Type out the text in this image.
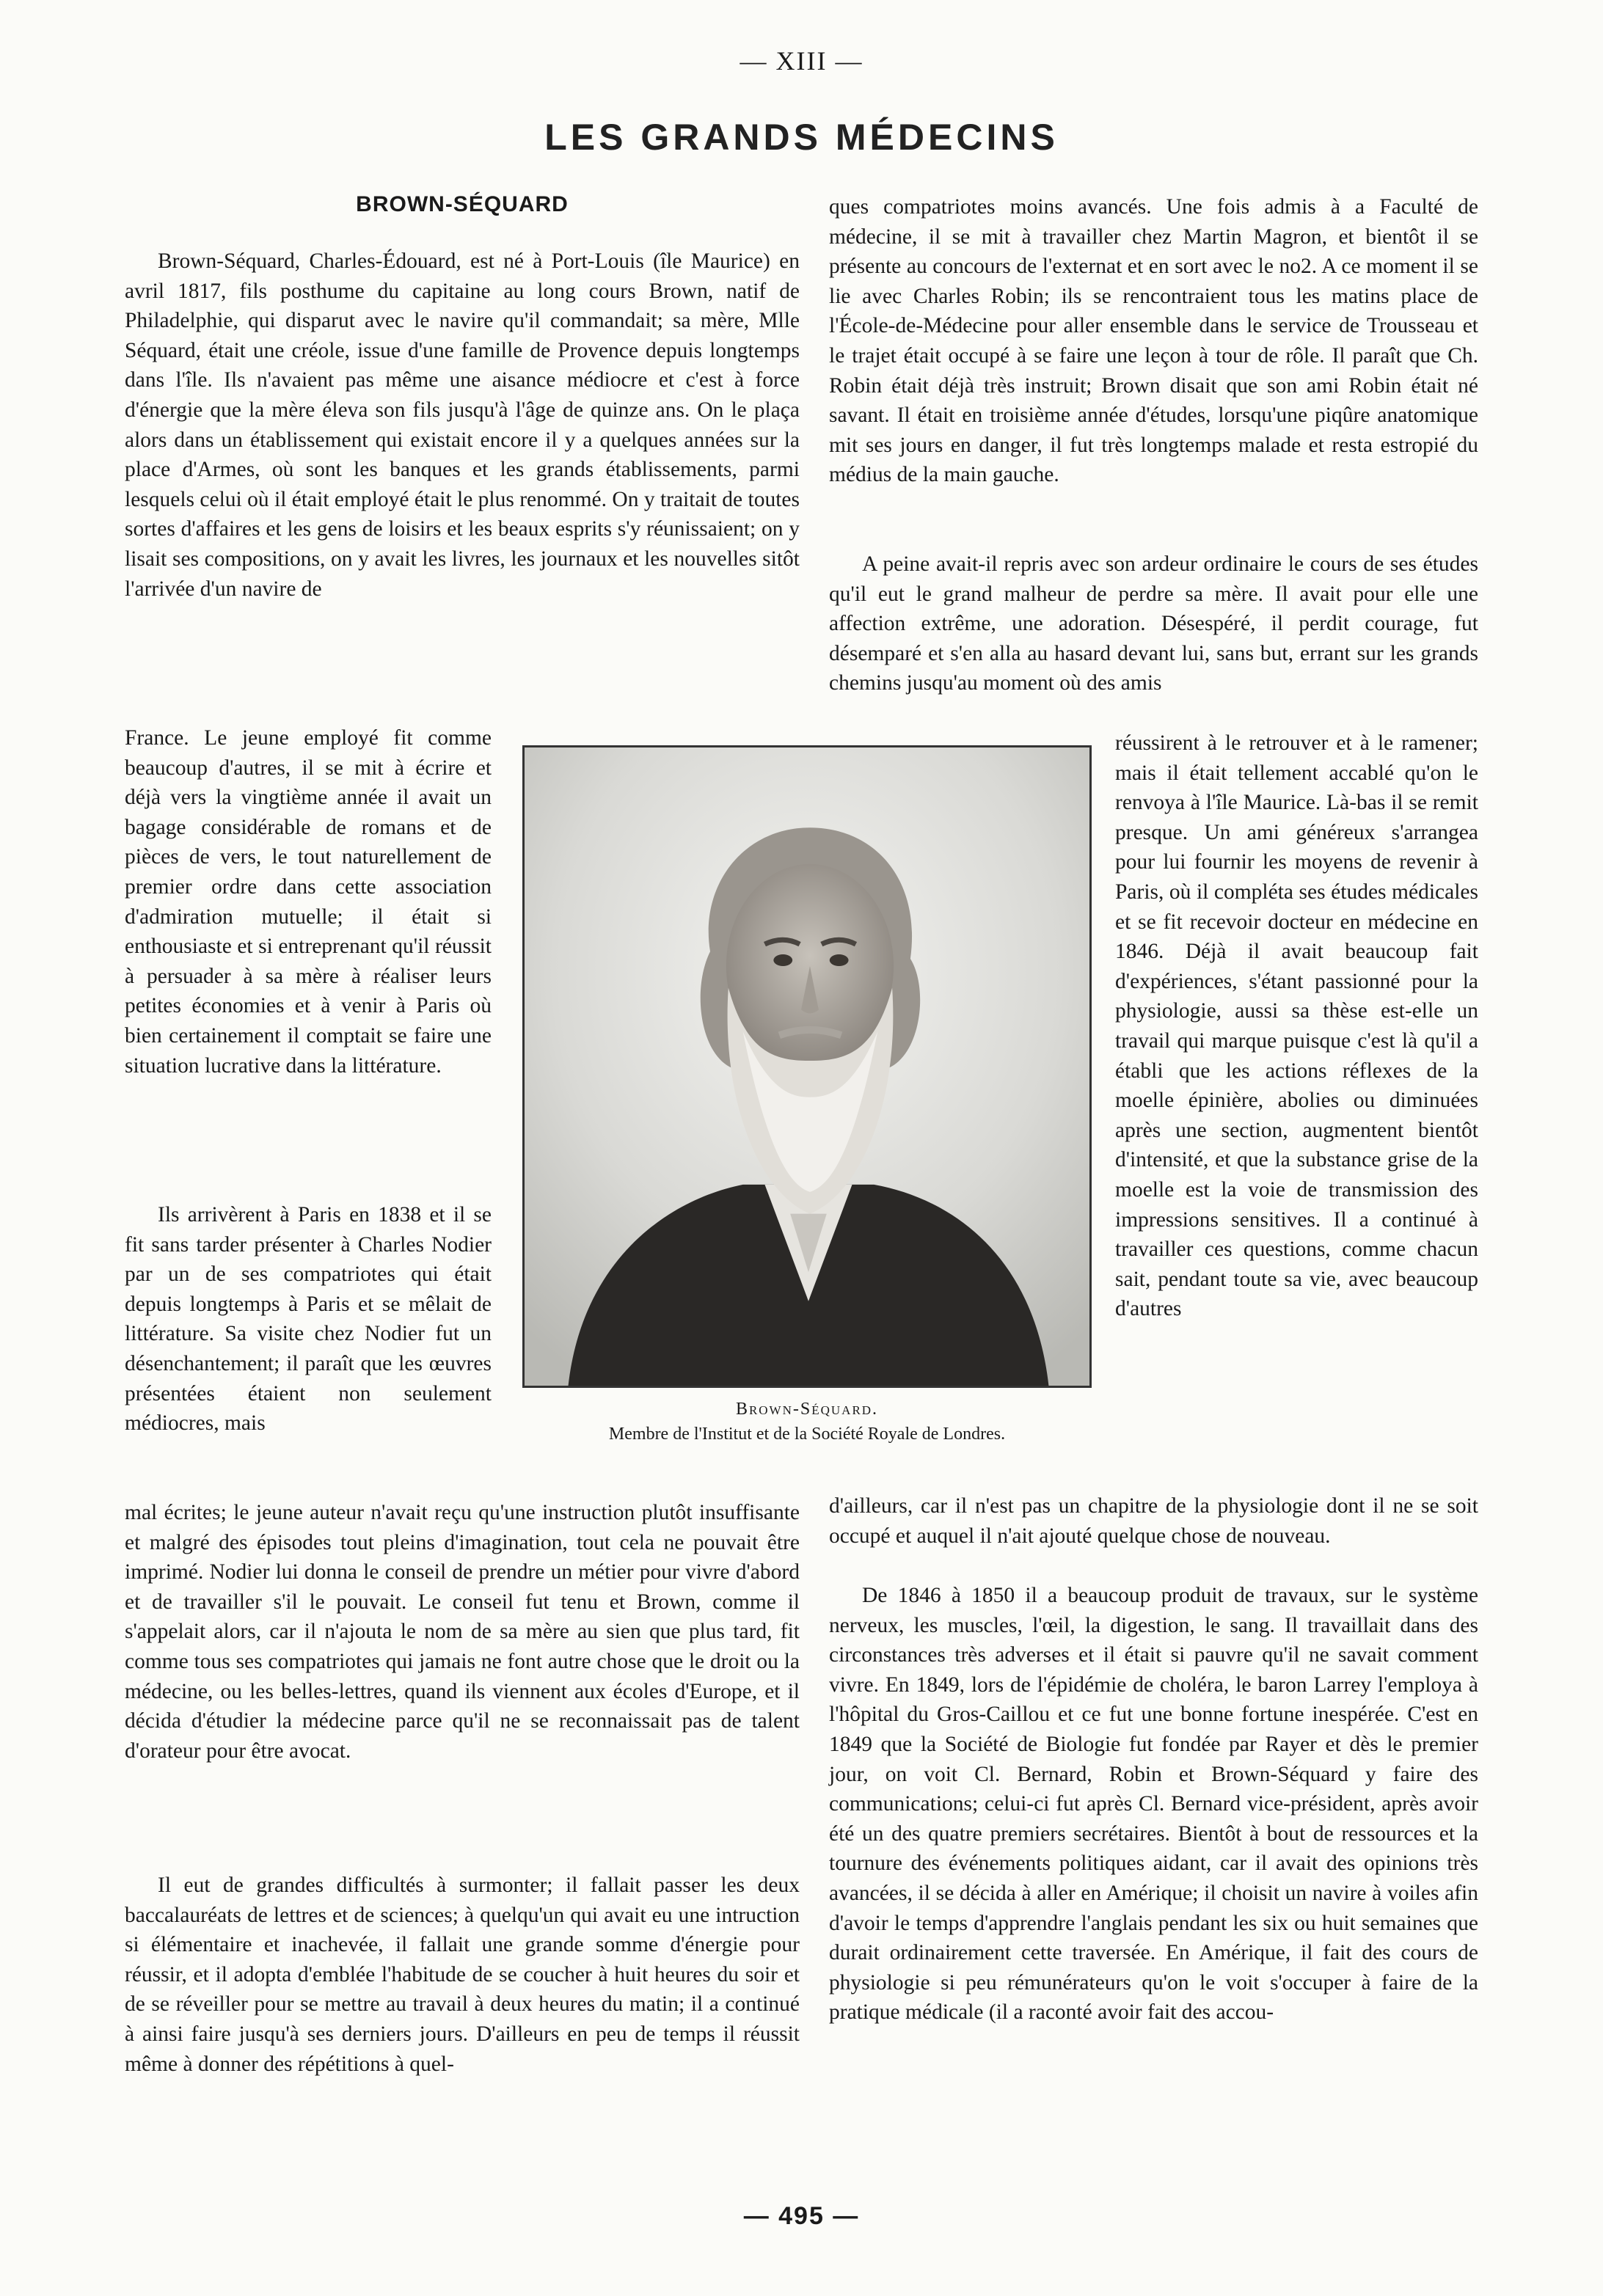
— XIII —
LES GRANDS MÉDECINS
BROWN-SÉQUARD

Brown-Séquard, Charles-Édouard, est né à Port-Louis (île Maurice) en avril 1817, fils posthume du capitaine au long cours Brown, natif de Philadelphie, qui disparut avec le navire qu'il commandait; sa mère, Mlle Séquard, était une créole, issue d'une famille de Provence depuis longtemps dans l'île. Ils n'avaient pas même une aisance médiocre et c'est à force d'énergie que la mère éleva son fils jusqu'à l'âge de quinze ans. On le plaça alors dans un établissement qui existait encore il y a quelques années sur la place d'Armes, où sont les banques et les grands établissements, parmi lesquels celui où il était employé était le plus renommé. On y traitait de toutes sortes d'affaires et les gens de loisirs et les beaux esprits s'y réunissaient; on y lisait ses compositions, on y avait les livres, les journaux et les nouvelles sitôt l'arrivée d'un navire de

France. Le jeune employé fit comme beaucoup d'autres, il se mit à écrire et déjà vers la vingtième année il avait un bagage considérable de romans et de pièces de vers, le tout naturellement de premier ordre dans cette association d'admiration mutuelle; il était si enthousiaste et si entreprenant qu'il réussit à persuader à sa mère à réaliser leurs petites économies et à venir à Paris où bien certainement il comptait se faire une situation lucrative dans la littérature.

Ils arrivèrent à Paris en 1838 et il se fit sans tarder présenter à Charles Nodier par un de ses compatriotes qui était depuis longtemps à Paris et se mêlait de littérature. Sa visite chez Nodier fut un désenchantement; il paraît que les œuvres présentées étaient non seulement médiocres, mais

mal écrites; le jeune auteur n'avait reçu qu'une instruction plutôt insuffisante et malgré des épisodes tout pleins d'imagination, tout cela ne pouvait être imprimé. Nodier lui donna le conseil de prendre un métier pour vivre d'abord et de travailler s'il le pouvait. Le conseil fut tenu et Brown, comme il s'appelait alors, car il n'ajouta le nom de sa mère au sien que plus tard, fit comme tous ses compatriotes qui jamais ne font autre chose que le droit ou la médecine, ou les belles-lettres, quand ils viennent aux écoles d'Europe, et il décida d'étudier la médecine parce qu'il ne se reconnaissait pas de talent d'orateur pour être avocat.

Il eut de grandes difficultés à surmonter; il fallait passer les deux baccalauréats de lettres et de sciences; à quelqu'un qui avait eu une intruction si élémentaire et inachevée, il fallait une grande somme d'énergie pour réussir, et il adopta d'emblée l'habitude de se coucher à huit heures du soir et de se réveiller pour se mettre au travail à deux heures du matin; il a continué à ainsi faire jusqu'à ses derniers jours. D'ailleurs en peu de temps il réussit même à donner des répétitions à quel-

ques compatriotes moins avancés. Une fois admis à a Faculté de médecine, il se mit à travailler chez Martin Magron, et bientôt il se présente au concours de l'externat et en sort avec le no2. A ce moment il se lie avec Charles Robin; ils se rencontraient tous les matins place de l'École-de-Médecine pour aller ensemble dans le service de Trousseau et le trajet était occupé à se faire une leçon à tour de rôle. Il paraît que Ch. Robin était déjà très instruit; Brown disait que son ami Robin était né savant. Il était en troisième année d'études, lorsqu'une piqûre anatomique mit ses jours en danger, il fut très longtemps malade et resta estropié du médius de la main gauche.

A peine avait-il repris avec son ardeur ordinaire le cours de ses études qu'il eut le grand malheur de perdre sa mère. Il avait pour elle une affection extrême, une adoration. Désespéré, il perdit courage, fut désemparé et s'en alla au hasard devant lui, sans but, errant sur les grands chemins jusqu'au moment où des amis

réussirent à le retrouver et à le ramener; mais il était tellement accablé qu'on le renvoya à l'île Maurice. Là-bas il se remit presque. Un ami généreux s'arrangea pour lui fournir les moyens de revenir à Paris, où il compléta ses études médicales et se fit recevoir docteur en médecine en 1846. Déjà il avait beaucoup fait d'expériences, s'étant passionné pour la physiologie, aussi sa thèse est-elle un travail qui marque puisque c'est là qu'il a établi que les actions réflexes de la moelle épinière, abolies ou diminuées après une section, augmentent bientôt d'intensité, et que la substance grise de la moelle est la voie de transmission des impressions sensitives. Il a continué à travailler ces questions, comme chacun sait, pendant toute sa vie, avec beaucoup d'autres

d'ailleurs, car il n'est pas un chapitre de la physiologie dont il ne se soit occupé et auquel il n'ait ajouté quelque chose de nouveau.

De 1846 à 1850 il a beaucoup produit de travaux, sur le système nerveux, les muscles, l'œil, la digestion, le sang. Il travaillait dans des circonstances très adverses et il était si pauvre qu'il ne savait comment vivre. En 1849, lors de l'épidémie de choléra, le baron Larrey l'employa à l'hôpital du Gros-Caillou et ce fut une bonne fortune inespérée. C'est en 1849 que la Société de Biologie fut fondée par Rayer et dès le premier jour, on voit Cl. Bernard, Robin et Brown-Séquard y faire des communications; celui-ci fut après Cl. Bernard vice-président, après avoir été un des quatre premiers secrétaires. Bientôt à bout de ressources et la tournure des événements politiques aidant, car il avait des opinions très avancées, il se décida à aller en Amérique; il choisit un navire à voiles afin d'avoir le temps d'apprendre l'anglais pendant les six ou huit semaines que durait ordinairement cette traversée. En Amérique, il fait des cours de physiologie si peu rémunérateurs qu'on le voit s'occuper à faire de la pratique médicale (il a raconté avoir fait des accou-

Brown-Séquard.
Membre de l'Institut et de la Société Royale de Londres.
— 495 —
